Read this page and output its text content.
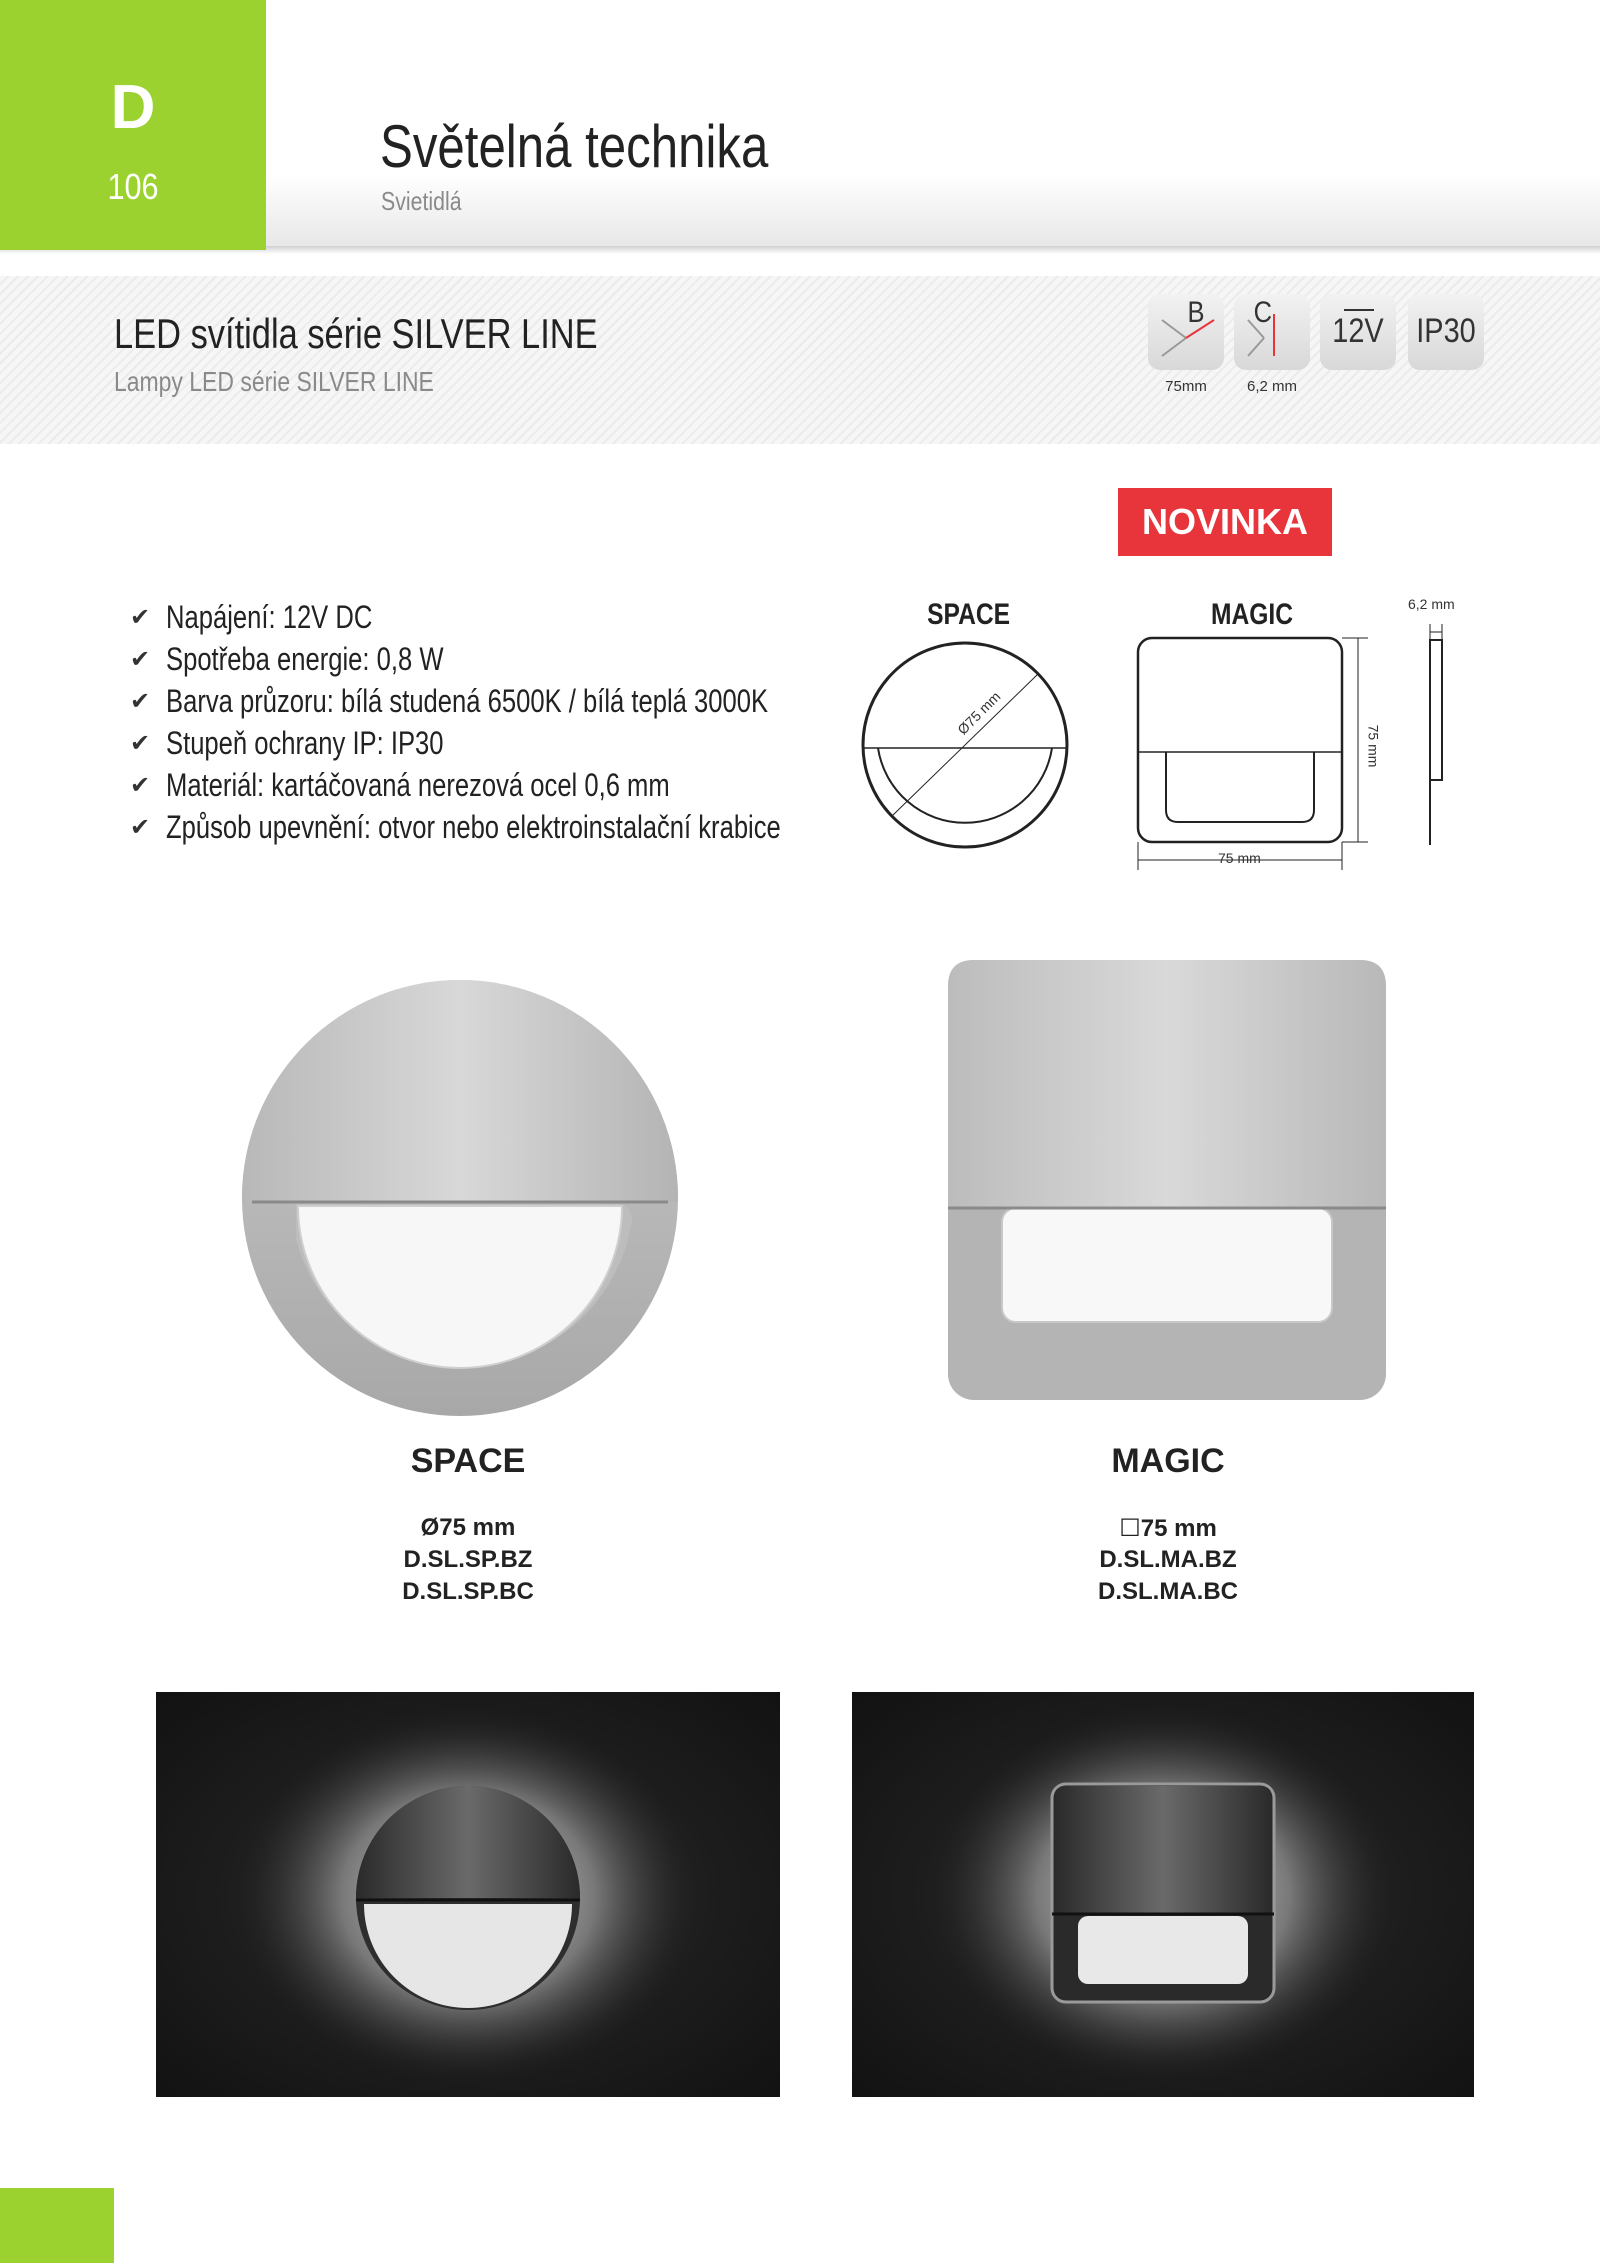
D
106
Světelná technika
Svietidlá
LED svítidla série SILVER LINE
Lampy LED série SILVER LINE
B
75mm
C
6,2 mm
12V IP30
NOVINKA
✔ Napájení: 12V DC
✔ Spotřeba energie: 0,8 W
✔ Barva průzoru: bílá studená 6500K / bílá teplá 3000K
✔ Stupeň ochrany IP: IP30
✔ Materiál: kartáčovaná nerezová ocel 0,6 mm
✔ Způsob upevnění: otvor nebo elektroinstalační krabice
SPACE	MAGIC
Ø75 mm
75 mm
75 mm
6,2 mm
SPACE
Ø75 mm
D.SL.SP.BZ
D.SL.SP.BC
MAGIC
☐75 mm
D.SL.MA.BZ
D.SL.MA.BC
